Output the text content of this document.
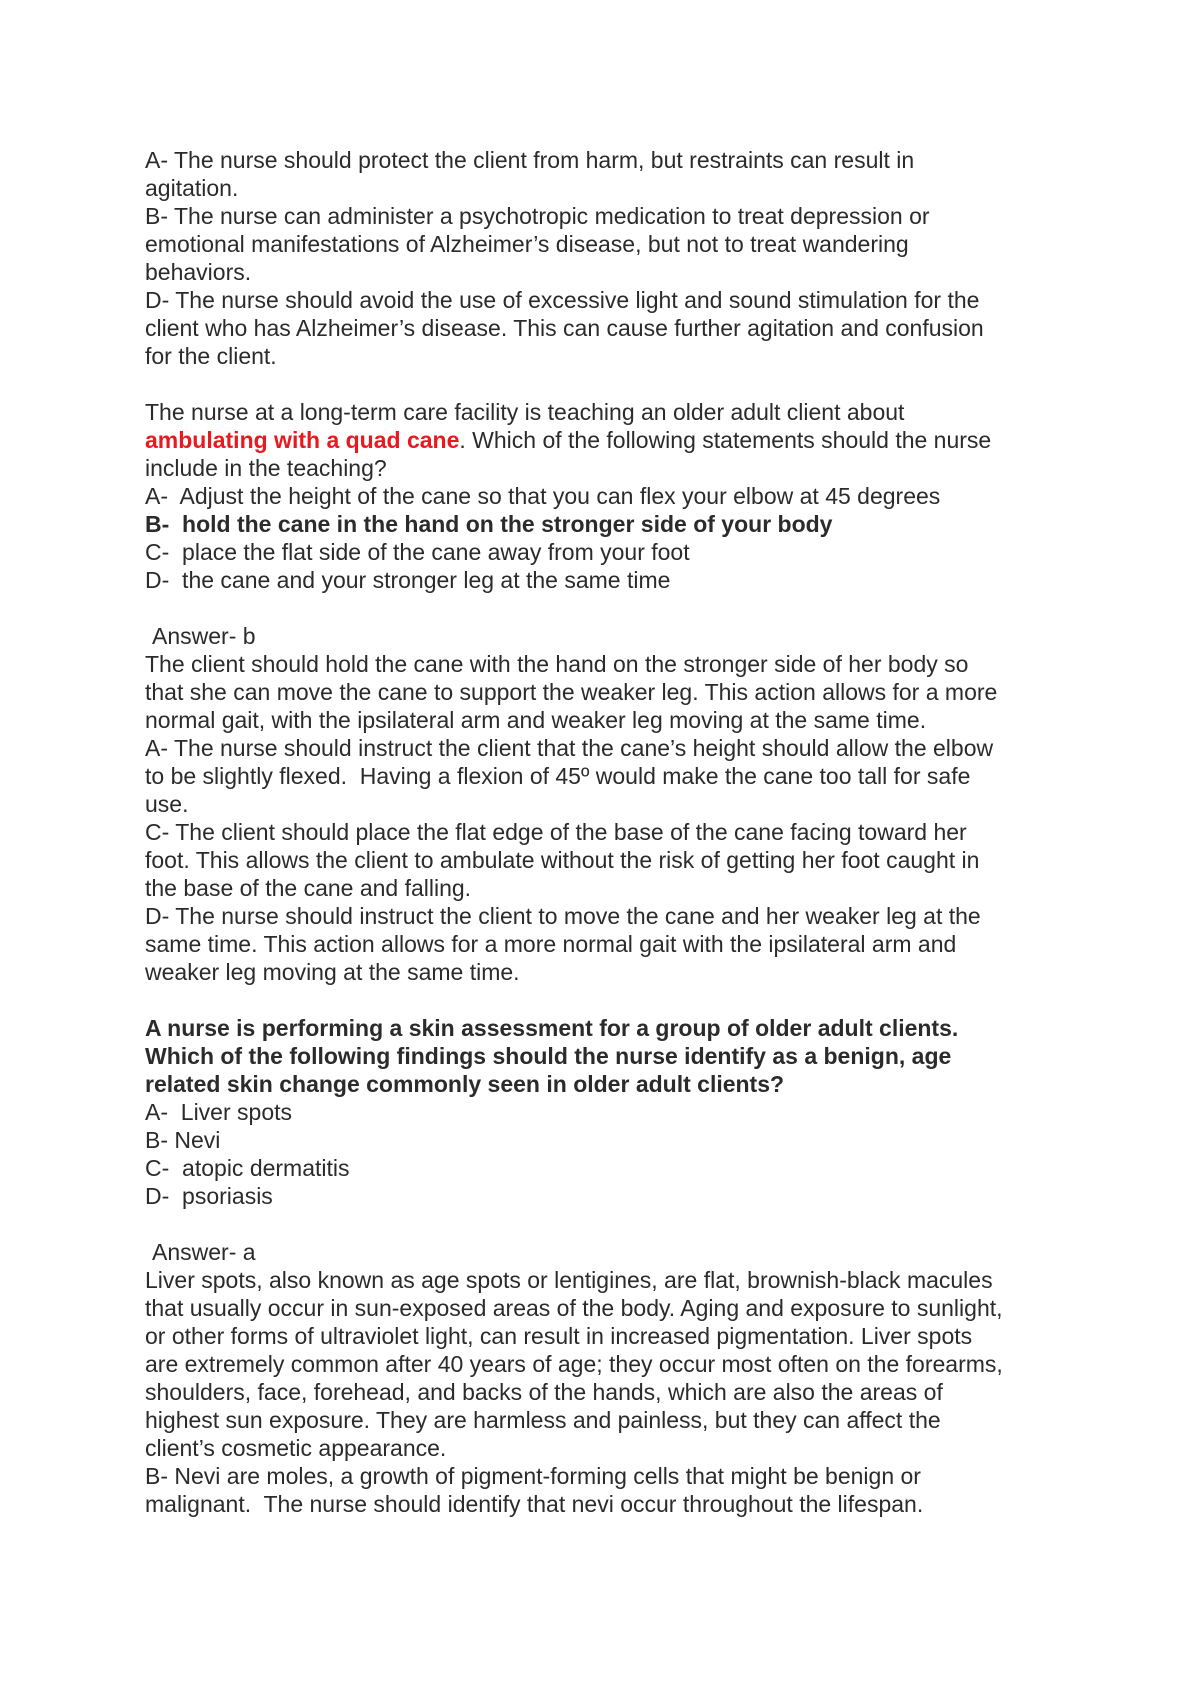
A- The nurse should protect the client from harm, but restraints can result in
agitation.
B- The nurse can administer a psychotropic medication to treat depression or
emotional manifestations of Alzheimer’s disease, but not to treat wandering
behaviors.
D- The nurse should avoid the use of excessive light and sound stimulation for the
client who has Alzheimer’s disease. This can cause further agitation and confusion
for the client.
The nurse at a long-term care facility is teaching an older adult client about
ambulating with a quad cane. Which of the following statements should the nurse
include in the teaching?
A-  Adjust the height of the cane so that you can flex your elbow at 45 degrees
B-  hold the cane in the hand on the stronger side of your body
C-  place the flat side of the cane away from your foot
D-  the cane and your stronger leg at the same time
Answer- b
The client should hold the cane with the hand on the stronger side of her body so
that she can move the cane to support the weaker leg. This action allows for a more
normal gait, with the ipsilateral arm and weaker leg moving at the same time.
A- The nurse should instruct the client that the cane’s height should allow the elbow
to be slightly flexed.  Having a flexion of 45º would make the cane too tall for safe
use.
C- The client should place the flat edge of the base of the cane facing toward her
foot. This allows the client to ambulate without the risk of getting her foot caught in
the base of the cane and falling.
D- The nurse should instruct the client to move the cane and her weaker leg at the
same time. This action allows for a more normal gait with the ipsilateral arm and
weaker leg moving at the same time.
A nurse is performing a skin assessment for a group of older adult clients.
Which of the following findings should the nurse identify as a benign, age
related skin change commonly seen in older adult clients?
A-  Liver spots
B- Nevi
C-  atopic dermatitis
D-  psoriasis
Answer- a
Liver spots, also known as age spots or lentigines, are flat, brownish-black macules
that usually occur in sun-exposed areas of the body. Aging and exposure to sunlight,
or other forms of ultraviolet light, can result in increased pigmentation. Liver spots
are extremely common after 40 years of age; they occur most often on the forearms,
shoulders, face, forehead, and backs of the hands, which are also the areas of
highest sun exposure. They are harmless and painless, but they can affect the
client’s cosmetic appearance.
B- Nevi are moles, a growth of pigment-forming cells that might be benign or
malignant.  The nurse should identify that nevi occur throughout the lifespan.
